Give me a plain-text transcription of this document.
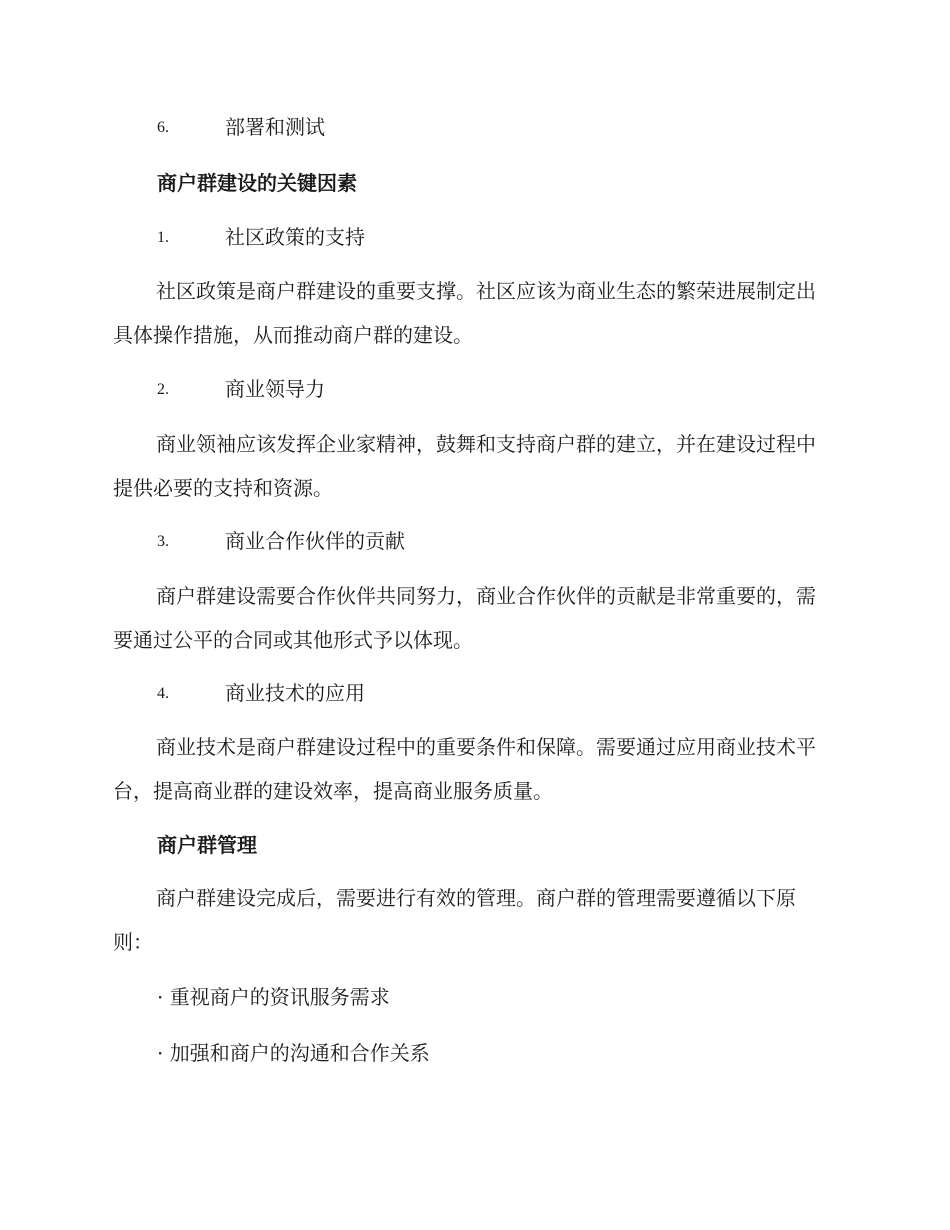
6.	部署和测试
商户群建设的关键因素
1.	社区政策的支持

社区政策是商户群建设的重要支撑。社区应该为商业生态的繁荣进展制定出具体操作措施，从而推动商户群的建设。

2.	商业领导力

商业领袖应该发挥企业家精神，鼓舞和支持商户群的建立，并在建设过程中提供必要的支持和资源。

3.	商业合作伙伴的贡献

商户群建设需要合作伙伴共同努力，商业合作伙伴的贡献是非常重要的，需要通过公平的合同或其他形式予以体现。

4.	商业技术的应用

商业技术是商户群建设过程中的重要条件和保障。需要通过应用商业技术平台，提高商业群的建设效率，提高商业服务质量。

商户群管理

商户群建设完成后，需要进行有效的管理。商户群的管理需要遵循以下原则：

· 重视商户的资讯服务需求
· 加强和商户的沟通和合作关系
